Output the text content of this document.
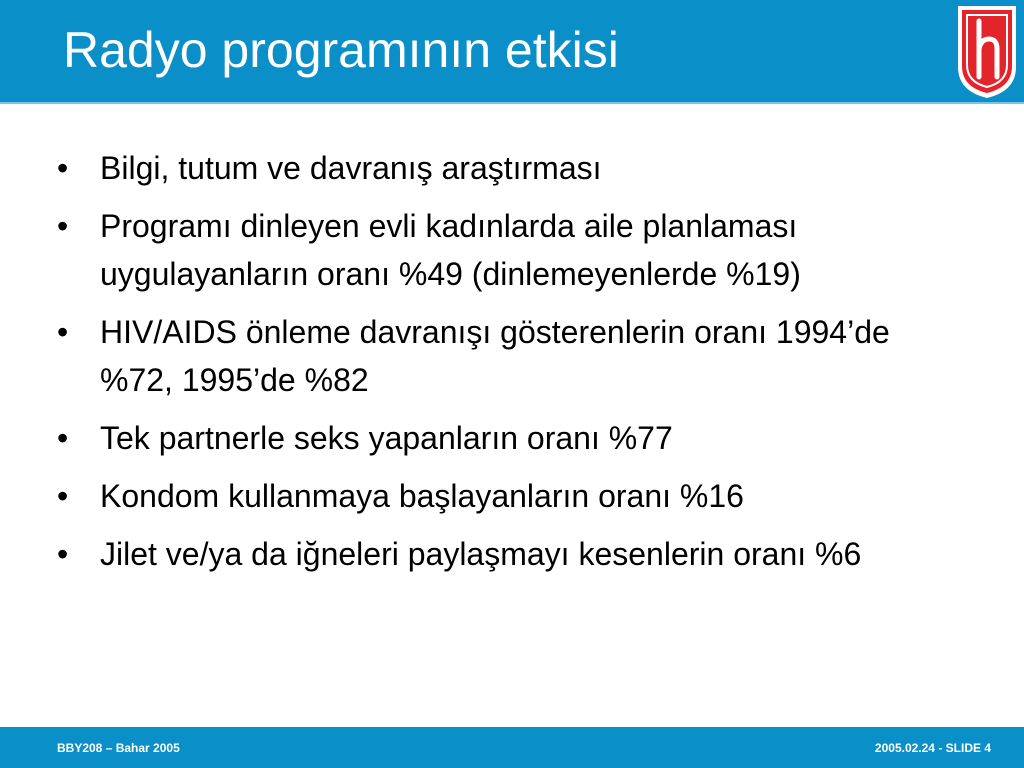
Radyo programının etkisi
• Bilgi, tutum ve davranış araştırması
• Programı dinleyen evli kadınlarda aile planlaması uygulayanların oranı %49 (dinlemeyenlerde %19)
• HIV/AIDS önleme davranışı gösterenlerin oranı 1994’de %72, 1995’de %82
• Tek partnerle seks yapanların oranı %77
• Kondom kullanmaya başlayanların oranı %16
• Jilet ve/ya da iğneleri paylaşmayı kesenlerin oranı %6
BBY208 – Bahar 2005	2005.02.24 - SLIDE 4
